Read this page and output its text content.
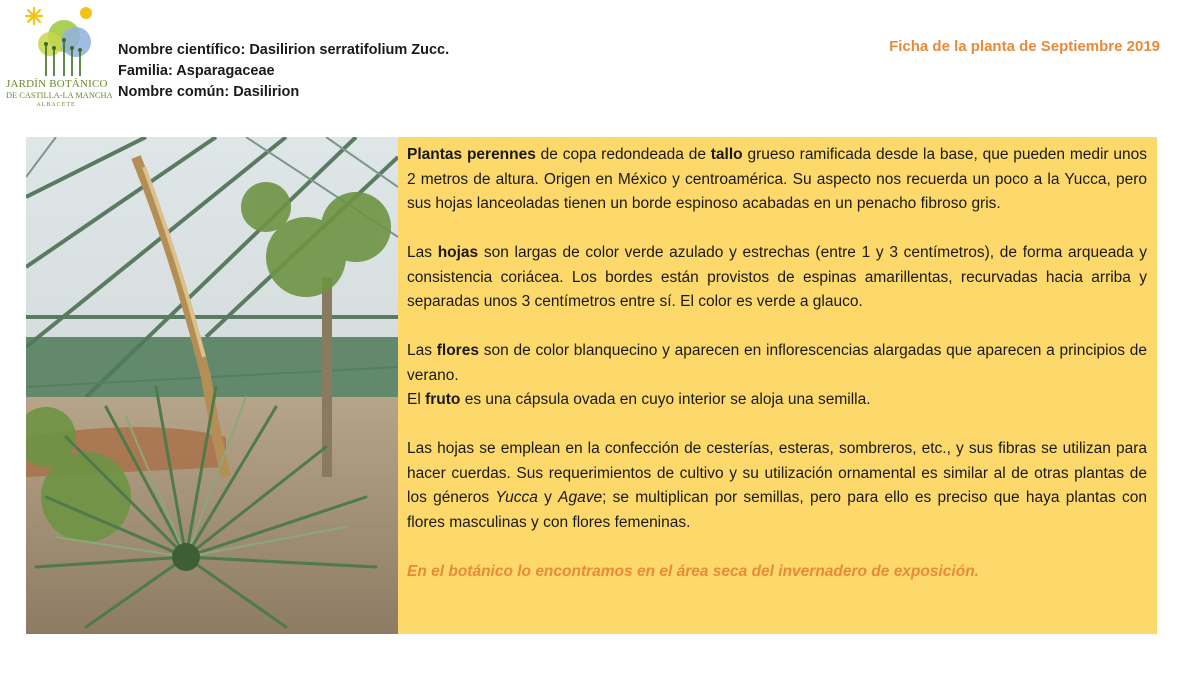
JARDÍN BOTÁNICO
DE CASTILLA-LA MANCHA
ALBACETE
Nombre científico: Dasilirion serratifolium Zucc.
Familia: Asparagaceae
Nombre común: Dasilirion
Ficha de la planta de Septiembre 2019

Plantas perennes de copa redondeada de tallo grueso ramificada desde la base, que pueden medir unos 2 metros de altura. Origen en México y centroamérica. Su aspecto nos recuerda un poco a la Yucca, pero sus hojas lanceoladas tienen un borde espinoso acabadas en un penacho fibroso gris.

Las hojas son largas de color verde azulado y estrechas (entre 1 y 3 centímetros), de forma arqueada y consistencia coriácea. Los bordes están provistos de espinas amarillentas, recurvadas hacia arriba y separadas unos 3 centímetros entre sí. El color es verde a glauco.

Las flores son de color blanquecino y aparecen en inflorescencias alargadas que aparecen a principios de verano.

El fruto es una cápsula ovada en cuyo interior se aloja una semilla.

Las hojas se emplean en la confección de cesterías, esteras, sombreros, etc., y sus fibras se utilizan para hacer cuerdas. Sus requerimientos de cultivo y su utilización ornamental es similar al de otras plantas de los géneros Yucca y Agave; se multiplican por semillas, pero para ello es preciso que haya plantas con flores masculinas y con flores femeninas.

En el botánico lo encontramos en el área seca del invernadero de exposición.
